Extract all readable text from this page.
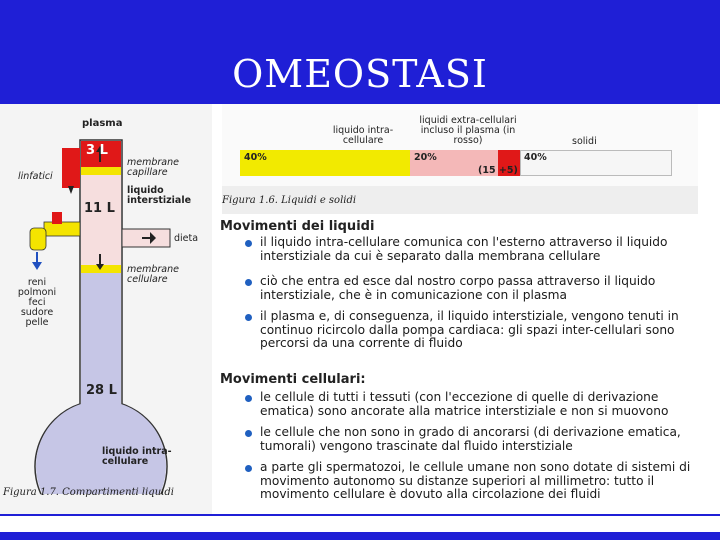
OMEOSTASI
plasma
3 L
membrane capillare
linfatici
liquido interstiziale
11 L
dieta
membrane cellulare
reni
polmoni
feci
sudore
pelle
28 L
liquido intra-cellulare
Figura 1.7. Compartimenti liquidi
liquido intra-cellulare
liquidi extra-cellulari incluso il plasma (in rosso)	solidi
40%	20%
(15 +5)
40%
Figura 1.6. Liquidi e solidi
Movimenti dei liquidi
il liquido intra-cellulare comunica con l'esterno attraverso il liquido interstiziale da cui è separato dalla membrana cellulare
ciò che entra ed esce dal nostro corpo passa attraverso il liquido interstiziale, che è in comunicazione con il plasma
il plasma e, di conseguenza, il liquido interstiziale, vengono tenuti in continuo ricircolo dalla pompa cardiaca: gli spazi inter-cellulari sono percorsi da una corrente di fluido
Movimenti cellulari:
le cellule di tutti i tessuti (con l'eccezione di quelle di derivazione ematica) sono ancorate alla matrice interstiziale e non si muovono
le cellule che non sono in grado di ancorarsi (di derivazione ematica, tumorali) vengono trascinate dal fluido interstiziale
a parte gli spermatozoi, le cellule umane non sono dotate di sistemi di movimento autonomo su distanze superiori al millimetro: tutto il movimento cellulare è dovuto alla circolazione dei fluidi
